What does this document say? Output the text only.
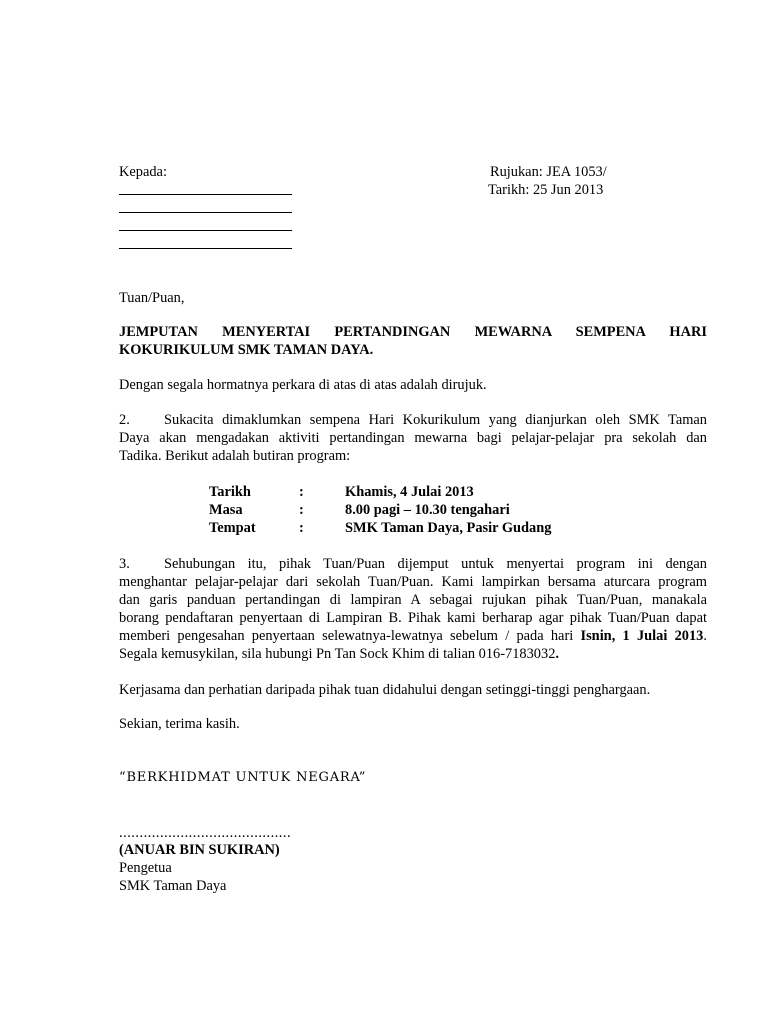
Kepada:	Rujukan: JEA 1053/
Tarikh: 25 Jun 2013
Tuan/Puan,
JEMPUTAN MENYERTAI PERTANDINGAN MEWARNA SEMPENA HARI
KOKURIKULUM SMK TAMAN DAYA.
Dengan segala hormatnya perkara di atas di atas adalah dirujuk.
2. Sukacita dimaklumkan sempena Hari Kokurikulum yang dianjurkan oleh SMK Taman
Daya akan mengadakan aktiviti pertandingan mewarna bagi pelajar-pelajar pra sekolah dan
Tadika. Berikut adalah butiran program:
Tarikh	:	Khamis, 4 Julai 2013
Masa	:	8.00 pagi – 10.30 tengahari
Tempat	:	SMK Taman Daya, Pasir Gudang
3. Sehubungan itu, pihak Tuan/Puan dijemput untuk menyertai program ini dengan
menghantar pelajar-pelajar dari sekolah Tuan/Puan. Kami lampirkan bersama aturcara program
dan garis panduan pertandingan di lampiran A sebagai rujukan pihak Tuan/Puan, manakala
borang pendaftaran penyertaan di Lampiran B. Pihak kami berharap agar pihak Tuan/Puan dapat
memberi pengesahan penyertaan selewatnya-lewatnya sebelum / pada hari Isnin, 1 Julai 2013.
Segala kemusykilan, sila hubungi Pn Tan Sock Khim di talian 016-7183032.
Kerjasama dan perhatian daripada pihak tuan didahului dengan setinggi-tinggi penghargaan.
Sekian, terima kasih.
“BERKHIDMAT UNTUK NEGARA”
..........................................
(ANUAR BIN SUKIRAN)
Pengetua
SMK Taman Daya
